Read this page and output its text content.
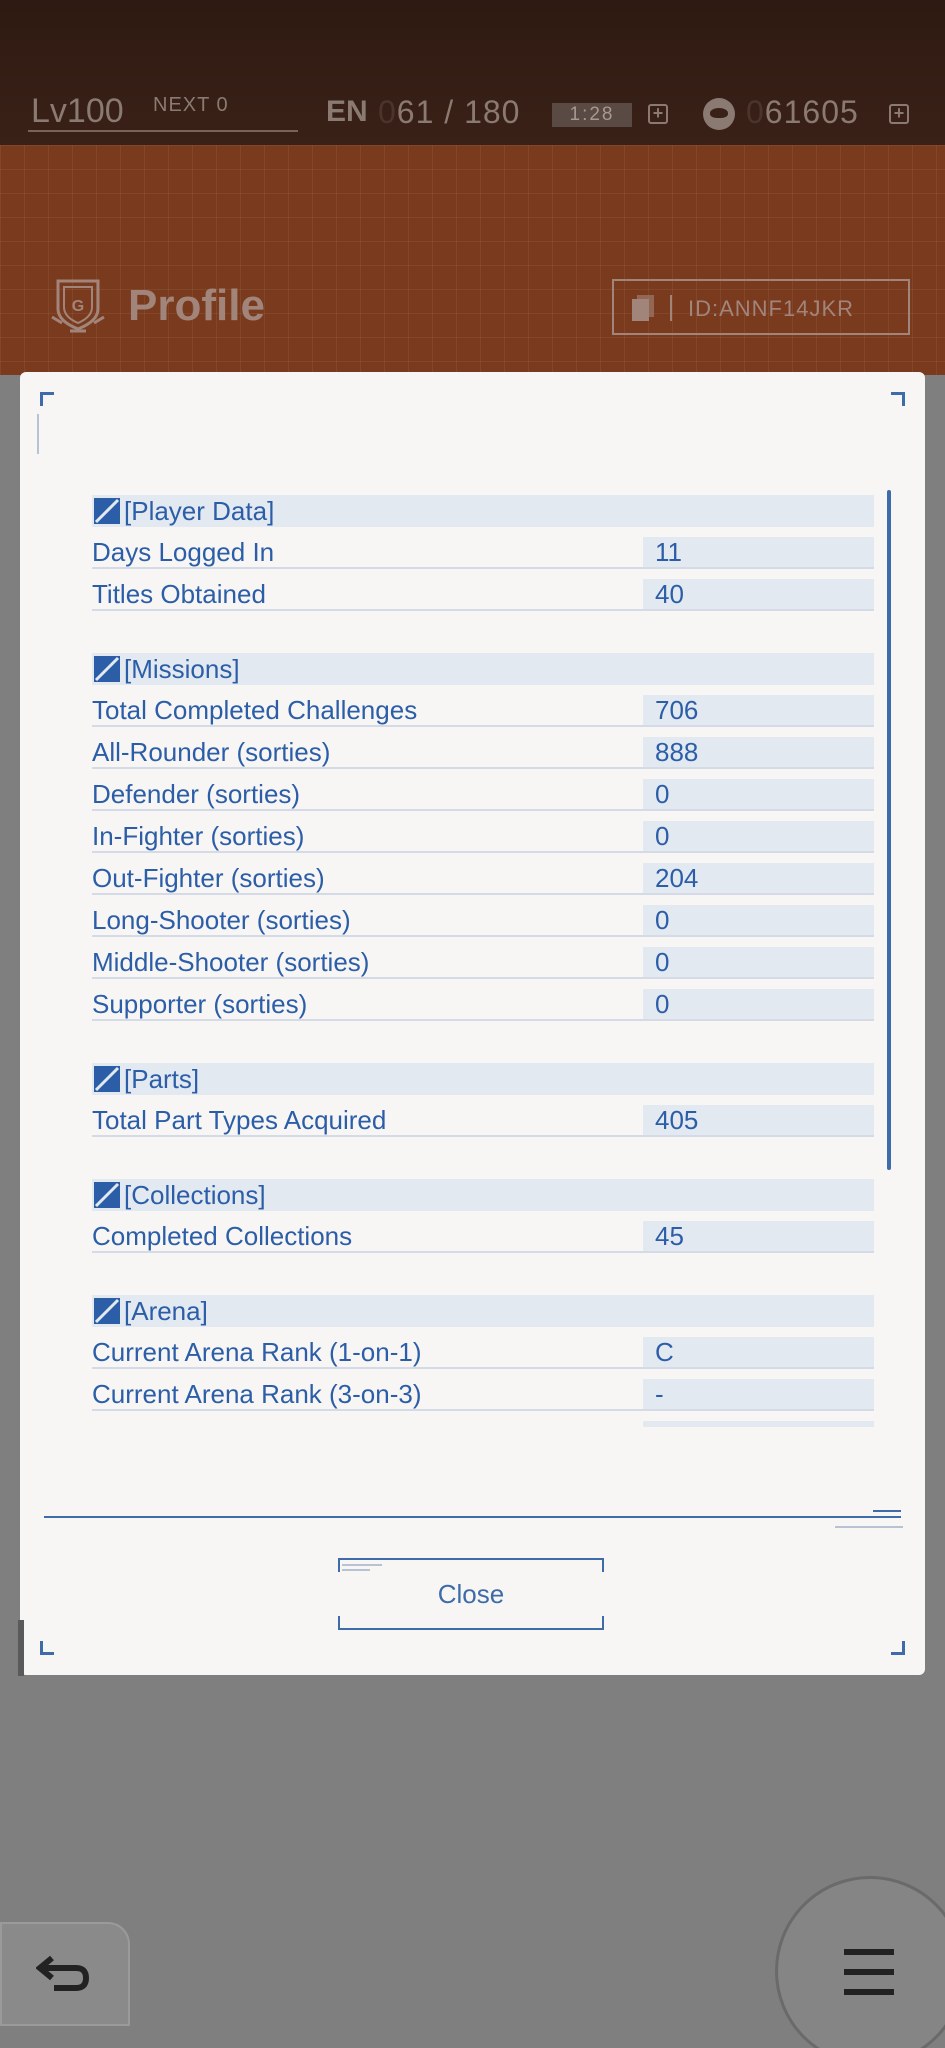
Lv100 NEXT 0	EN 061 / 180	1:28	+	061605 +
G Profile	ID:ANNF14JKR
[Player Data]
Days Logged In	11
Titles Obtained	40
[Missions]
Total Completed Challenges	706
All-Rounder (sorties)	888
Defender (sorties)	0
In-Fighter (sorties)	0
Out-Fighter (sorties)	204
Long-Shooter (sorties)	0
Middle-Shooter (sorties)	0
Supporter (sorties)	0
[Parts]
Total Part Types Acquired	405
[Collections]
Completed Collections	45
[Arena]
Current Arena Rank (1-on-1)	C
Current Arena Rank (3-on-3)	-
Close
